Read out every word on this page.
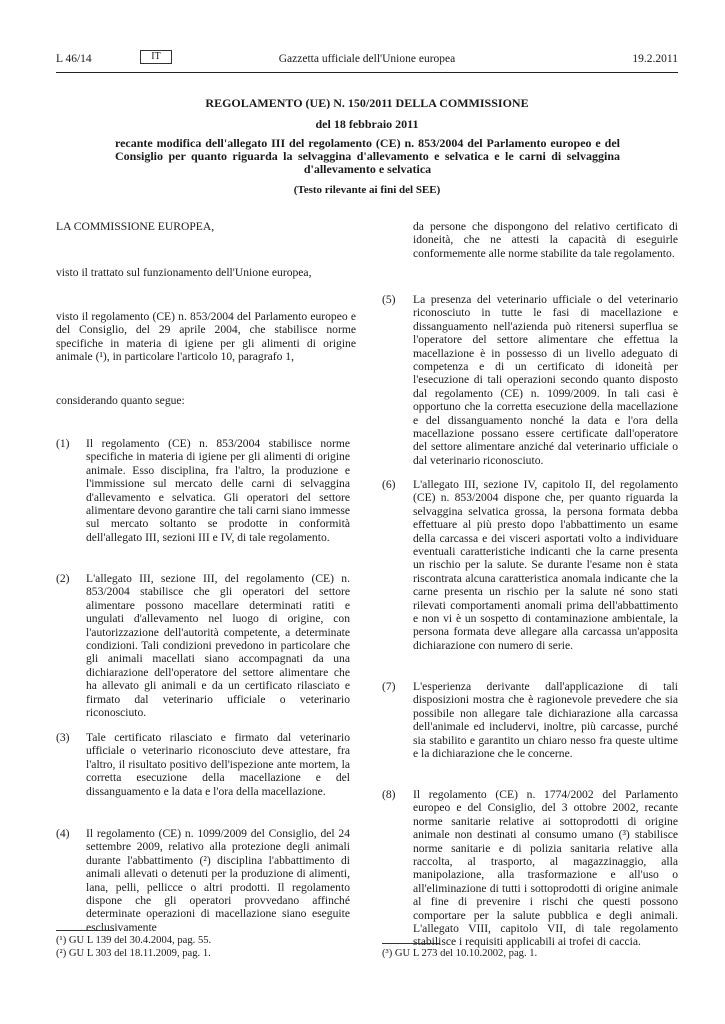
L 46/14	IT	Gazzetta ufficiale dell'Unione europea	19.2.2011
REGOLAMENTO (UE) N. 150/2011 DELLA COMMISSIONE
del 18 febbraio 2011
recante modifica dell'allegato III del regolamento (CE) n. 853/2004 del Parlamento europeo e del Consiglio per quanto riguarda la selvaggina d'allevamento e selvatica e le carni di selvaggina d'allevamento e selvatica
(Testo rilevante ai fini del SEE)
LA COMMISSIONE EUROPEA,
visto il trattato sul funzionamento dell'Unione europea,
visto il regolamento (CE) n. 853/2004 del Parlamento europeo e del Consiglio, del 29 aprile 2004, che stabilisce norme specifiche in materia di igiene per gli alimenti di origine animale (¹), in particolare l'articolo 10, paragrafo 1,
considerando quanto segue:
(1) Il regolamento (CE) n. 853/2004 stabilisce norme specifiche in materia di igiene per gli alimenti di origine animale. Esso disciplina, fra l'altro, la produzione e l'immissione sul mercato delle carni di selvaggina d'allevamento e selvatica. Gli operatori del settore alimentare devono garantire che tali carni siano immesse sul mercato soltanto se prodotte in conformità dell'allegato III, sezioni III e IV, di tale regolamento.
(2) L'allegato III, sezione III, del regolamento (CE) n. 853/2004 stabilisce che gli operatori del settore alimentare possono macellare determinati ratiti e ungulati d'allevamento nel luogo di origine, con l'autorizzazione dell'autorità competente, a determinate condizioni. Tali condizioni prevedono in particolare che gli animali macellati siano accompagnati da una dichiarazione dell'operatore del settore alimentare che ha allevato gli animali e da un certificato rilasciato e firmato dal veterinario ufficiale o veterinario riconosciuto.
(3) Tale certificato rilasciato e firmato dal veterinario ufficiale o veterinario riconosciuto deve attestare, fra l'altro, il risultato positivo dell'ispezione ante mortem, la corretta esecuzione della macellazione e del dissanguamento e la data e l'ora della macellazione.
(4) Il regolamento (CE) n. 1099/2009 del Consiglio, del 24 settembre 2009, relativo alla protezione degli animali durante l'abbattimento (²) disciplina l'abbattimento di animali allevati o detenuti per la produzione di alimenti, lana, pelli, pellicce o altri prodotti. Il regolamento dispone che gli operatori provvedano affinché determinate operazioni di macellazione siano eseguite esclusivamente
(¹) GU L 139 del 30.4.2004, pag. 55.
(²) GU L 303 del 18.11.2009, pag. 1.
da persone che dispongono del relativo certificato di idoneità, che ne attesti la capacità di eseguirle conformemente alle norme stabilite da tale regolamento.
(5) La presenza del veterinario ufficiale o del veterinario riconosciuto in tutte le fasi di macellazione e dissanguamento nell'azienda può ritenersi superflua se l'operatore del settore alimentare che effettua la macellazione è in possesso di un livello adeguato di competenza e di un certificato di idoneità per l'esecuzione di tali operazioni secondo quanto disposto dal regolamento (CE) n. 1099/2009. In tali casi è opportuno che la corretta esecuzione della macellazione e del dissanguamento nonché la data e l'ora della macellazione possano essere certificate dall'operatore del settore alimentare anziché dal veterinario ufficiale o dal veterinario riconosciuto.
(6) L'allegato III, sezione IV, capitolo II, del regolamento (CE) n. 853/2004 dispone che, per quanto riguarda la selvaggina selvatica grossa, la persona formata debba effettuare al più presto dopo l'abbattimento un esame della carcassa e dei visceri asportati volto a individuare eventuali caratteristiche indicanti che la carne presenta un rischio per la salute. Se durante l'esame non è stata riscontrata alcuna caratteristica anomala indicante che la carne presenta un rischio per la salute né sono stati rilevati comportamenti anomali prima dell'abbattimento e non vi è un sospetto di contaminazione ambientale, la persona formata deve allegare alla carcassa un'apposita dichiarazione con numero di serie.
(7) L'esperienza derivante dall'applicazione di tali disposizioni mostra che è ragionevole prevedere che sia possibile non allegare tale dichiarazione alla carcassa dell'animale ed includervi, inoltre, più carcasse, purché sia stabilito e garantito un chiaro nesso fra queste ultime e la dichiarazione che le concerne.
(8) Il regolamento (CE) n. 1774/2002 del Parlamento europeo e del Consiglio, del 3 ottobre 2002, recante norme sanitarie relative ai sottoprodotti di origine animale non destinati al consumo umano (³) stabilisce norme sanitarie e di polizia sanitaria relative alla raccolta, al trasporto, al magazzinaggio, alla manipolazione, alla trasformazione e all'uso o all'eliminazione di tutti i sottoprodotti di origine animale al fine di prevenire i rischi che questi possono comportare per la salute pubblica e degli animali. L'allegato VIII, capitolo VII, di tale regolamento stabilisce i requisiti applicabili ai trofei di caccia.
(³) GU L 273 del 10.10.2002, pag. 1.
